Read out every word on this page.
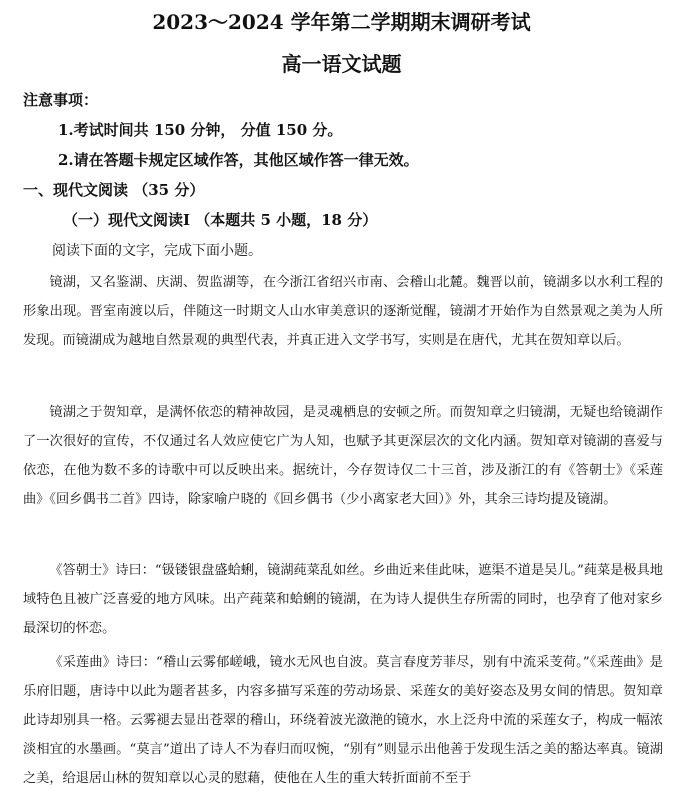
2023～2024 学年第二学期期末调研考试
高一语文试题
注意事项：
1.考试时间共 150 分钟， 分值 150 分。
2.请在答题卡规定区域作答，其他区域作答一律无效。
一、现代文阅读 （35 分）
（一）现代文阅读Ⅰ （本题共 5 小题，18 分）
阅读下面的文字，完成下面小题。
镜湖，又名鉴湖、庆湖、贺监湖等，在今浙江省绍兴市南、会稽山北麓。魏晋以前，镜湖多以水利工程的形象出现。晋室南渡以后，伴随这一时期文人山水审美意识的逐渐觉醒，镜湖才开始作为自然景观之美为人所发现。而镜湖成为越地自然景观的典型代表，并真正进入文学书写，实则是在唐代，尤其在贺知章以后。
镜湖之于贺知章，是满怀依恋的精神故园，是灵魂栖息的安顿之所。而贺知章之归镜湖，无疑也给镜湖作了一次很好的宣传，不仅通过名人效应使它广为人知，也赋予其更深层次的文化内涵。贺知章对镜湖的喜爱与依恋，在他为数不多的诗歌中可以反映出来。据统计，今存贺诗仅二十三首，涉及浙江的有《答朝士》《采莲曲》《回乡偶书二首》四诗，除家喻户晓的《回乡偶书（少小离家老大回）》外，其余三诗均提及镜湖。
《答朝士》诗曰：“钑镂银盘盛蛤蜊，镜湖莼菜乱如丝。乡曲近来佳此味，遮渠不道是吴儿。”莼菜是极具地域特色且被广泛喜爱的地方风味。出产莼菜和蛤蜊的镜湖，在为诗人提供生存所需的同时，也孕育了他对家乡最深切的怀恋。
《采莲曲》诗曰：“稽山云雾郁嵯峨，镜水无风也自波。莫言春度芳菲尽，别有中流采芰荷。”《采莲曲》是乐府旧题，唐诗中以此为题者甚多，内容多描写采莲的劳动场景、采莲女的美好姿态及男女间的情思。贺知章此诗却别具一格。云雾褪去显出苍翠的稽山，环绕着波光潋滟的镜水，水上泛舟中流的采莲女子，构成一幅浓淡相宜的水墨画。“莫言”道出了诗人不为春归而叹惋，“别有”则显示出他善于发现生活之美的豁达率真。镜湖之美，给退居山林的贺知章以心灵的慰藉，使他在人生的重大转折面前不至于
